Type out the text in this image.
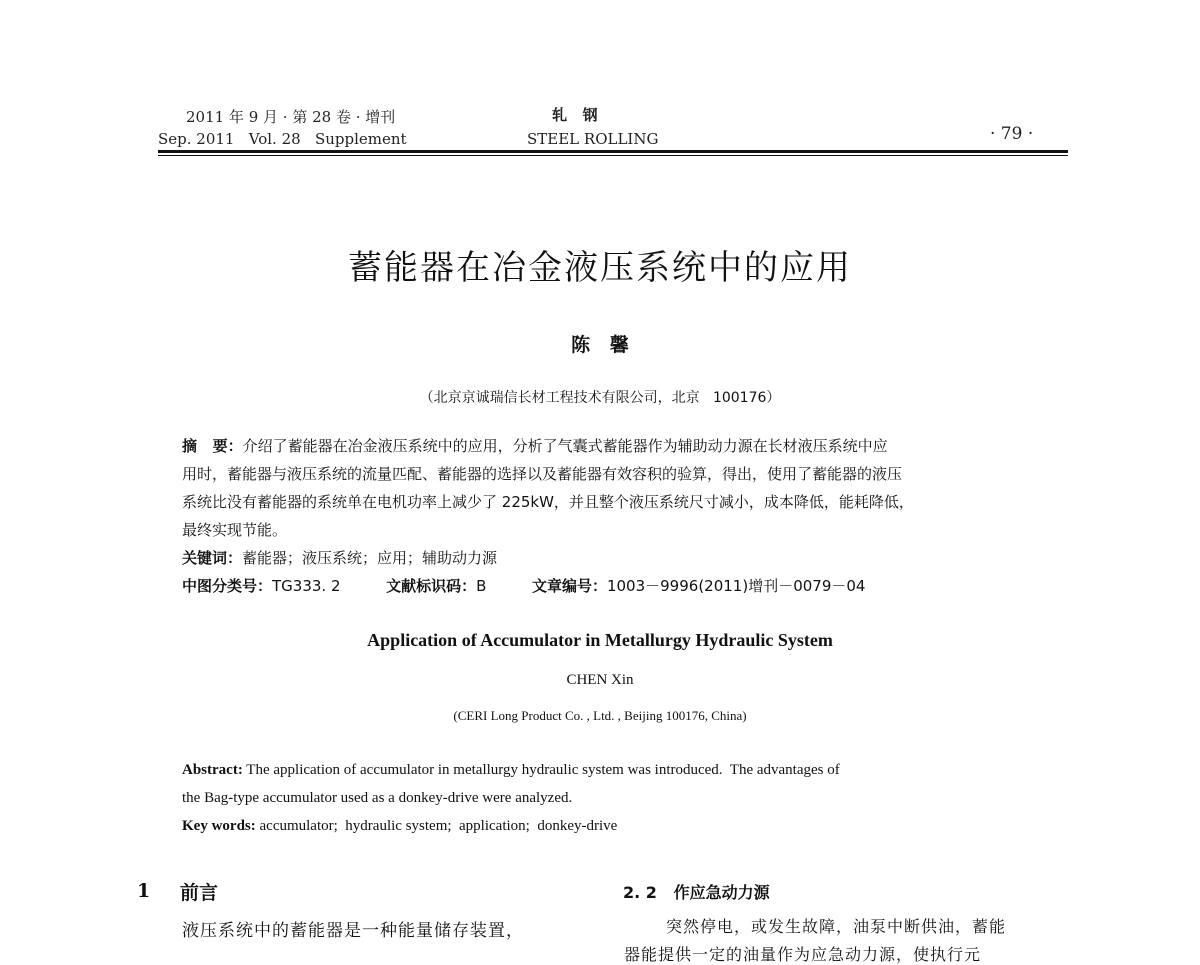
2011 年 9 月 · 第 28 卷 · 增刊
Sep. 2011   Vol. 28   Supplement
轧   钢
STEEL ROLLING	· 79 ·
蓄能器在冶金液压系统中的应用
陈   馨
（北京京诚瑞信长材工程技术有限公司，北京   100176）
摘   要：介绍了蓄能器在冶金液压系统中的应用，分析了气囊式蓄能器作为辅助动力源在长材液压系统中应
用时，蓄能器与液压系统的流量匹配、蓄能器的选择以及蓄能器有效容积的验算，得出，使用了蓄能器的液压
系统比没有蓄能器的系统单在电机功率上减少了 225kW，并且整个液压系统尺寸减小，成本降低，能耗降低，
最终实现节能。
关键词：蓄能器；液压系统；应用；辅助动力源
中图分类号：TG333. 2	文献标识码：B	文章编号：1003－9996(2011)增刊－0079－04
Application of Accumulator in Metallurgy Hydraulic System
CHEN Xin
(CERI Long Product Co. , Ltd. , Beijing 100176, China)
Abstract: The application of accumulator in metallurgy hydraulic system was introduced.  The advantages of
the Bag-type accumulator used as a donkey-drive were analyzed.
Key words: accumulator;  hydraulic system;  application;  donkey-drive
1 前言
液压系统中的蓄能器是一种能量储存装置，
2. 2   作应急动力源
突然停电，或发生故障，油泵中断供油，蓄能
器能提供一定的油量作为应急动力源，使执行元
